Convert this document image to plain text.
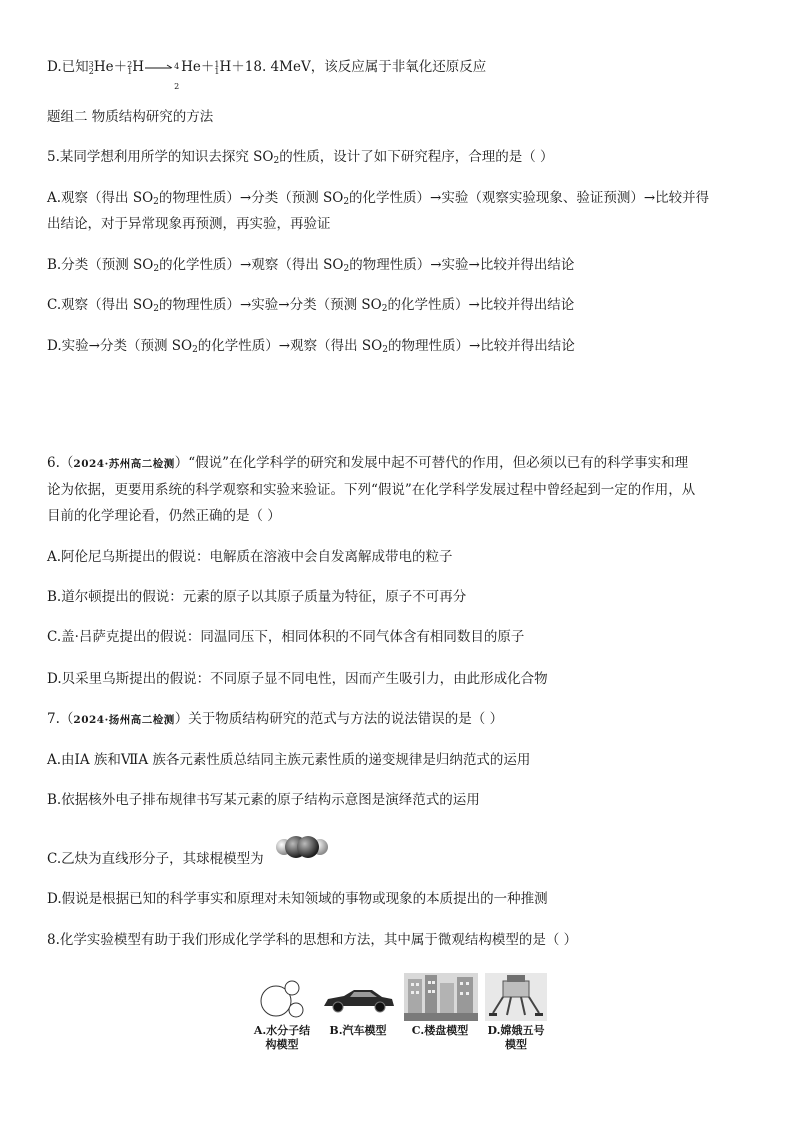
D.已知$^3_2$He＋$^2_1$H→ 4
2
He＋$^1_1$H＋18. 4MeV，该反应属于非氧化还原反应
题组二 物质结构研究的方法
5.某同学想利用所学的知识去探究 $SO_2$的性质，设计了如下研究程序，合理的是（ ）
A.观察（得出 $SO_2$的物理性质）→分类（预测 $SO_2$的化学性质）→实验（观察实验现象、验证预测）→比较并得
出结论，对于异常现象再预测，再实验，再验证
B.分类（预测 $SO_2$的化学性质）→观察（得出 $SO_2$的物理性质）→实验→比较并得出结论
C.观察（得出 $SO_2$的物理性质）→实验→分类（预测 $SO_2$的化学性质）→比较并得出结论
D.实验→分类（预测 $SO_2$的化学性质）→观察（得出 $SO_2$的物理性质）→比较并得出结论
6.（2024·苏州高二检测）“假说”在化学科学的研究和发展中起不可替代的作用，但必须以已有的科学事实和理
论为依据，更要用系统的科学观察和实验来验证。下列“假说”在化学科学发展过程中曾经起到一定的作用，从
目前的化学理论看，仍然正确的是（ ）
A.阿伦尼乌斯提出的假说：电解质在溶液中会自发离解成带电的粒子
B.道尔顿提出的假说：元素的原子以其原子质量为特征，原子不可再分
C.盖·吕萨克提出的假说：同温同压下，相同体积的不同气体含有相同数目的原子
D.贝采里乌斯提出的假说：不同原子显不同电性，因而产生吸引力，由此形成化合物
7.（2024·扬州高二检测）关于物质结构研究的范式与方法的说法错误的是（ ）
A.由ⅠA 族和ⅦA 族各元素性质总结同主族元素性质的递变规律是归纳范式的运用
B.依据核外电子排布规律书写某元素的原子结构示意图是演绎范式的运用
C.乙炔为直线形分子，其球棍模型为
D.假说是根据已知的科学事实和原理对未知领域的事物或现象的本质提出的一种推测
8.化学实验模型有助于我们形成化学学科的思想和方法，其中属于微观结构模型的是（ ）
A.水分子结
构模型
B.汽车模型	C.楼盘模型	D.嫦娥五号
模型
